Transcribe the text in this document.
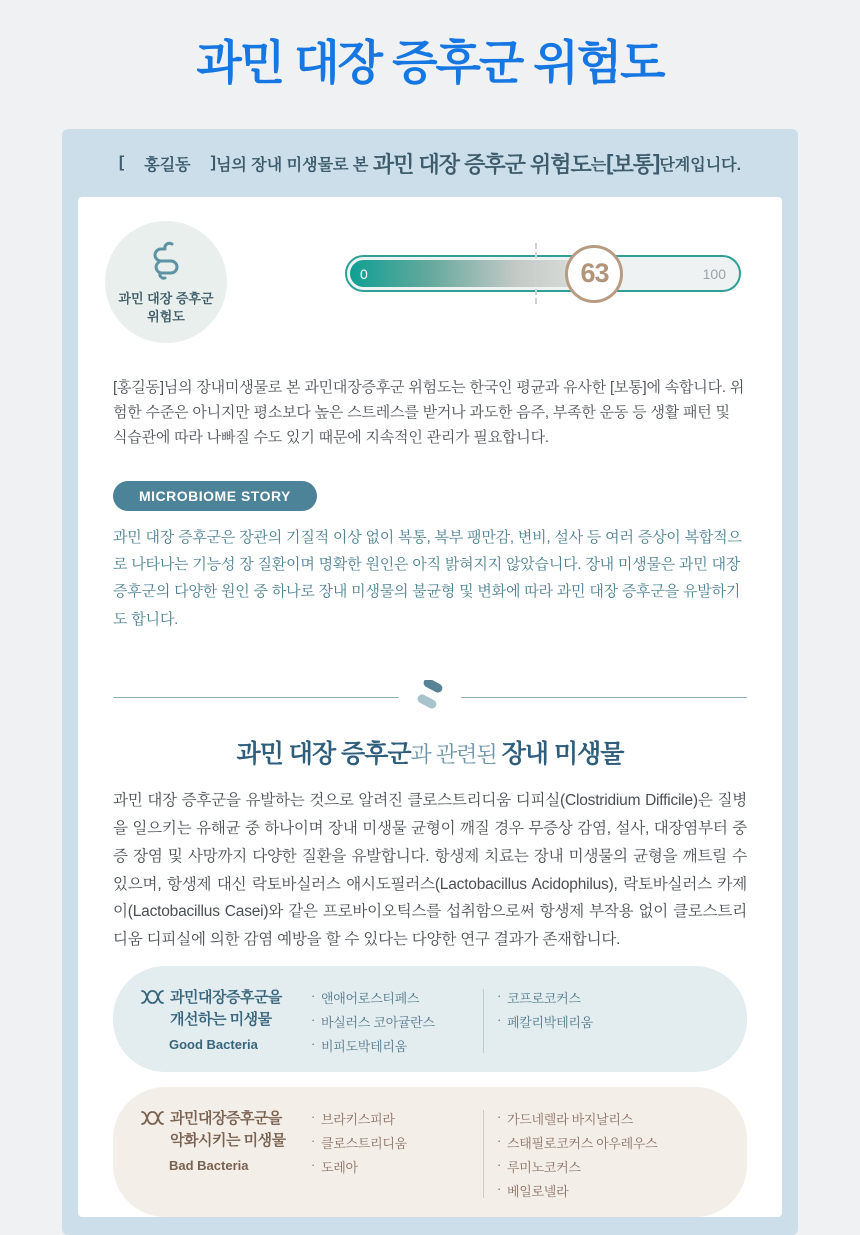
과민 대장 증후군 위험도
[ 홍길동 ] 님의 장내 미생물로 본
과민 대장 증후군 위험도 는 [ 보통 ] 단계입니다.
과민 대장 증후군
위험도
0	100
63

[홍길동]님의 장내미생물로 본 과민대장증후군 위험도는 한국인 평균과 유사한 [보통]에 속합니다. 위험한 수준은 아니지만 평소보다 높은 스트레스를 받거나 과도한 음주, 부족한 운동 등 생활 패턴 및 식습관에 따라 나빠질 수도 있기 때문에 지속적인 관리가 필요합니다.

MICROBIOME STORY

과민 대장 증후군은 장관의 기질적 이상 없이 복통, 복부 팽만감, 변비, 설사 등 여러 증상이 복합적으로 나타나는 기능성 장 질환이며 명확한 원인은 아직 밝혀지지 않았습니다. 장내 미생물은 과민 대장 증후군의 다양한 원인 중 하나로 장내 미생물의 불균형 및 변화에 따라 과민 대장 증후군을 유발하기도 합니다.

과민 대장 증후군과 관련된 장내 미생물

과민 대장 증후군을 유발하는 것으로 알려진 클로스트리디움 디피실(Clostridium Difficile)은 질병을 일으키는 유해균 중 하나이며 장내 미생물 균형이 깨질 경우 무증상 감염, 설사, 대장염부터 중증 장염 및 사망까지 다양한 질환을 유발합니다. 항생제 치료는 장내 미생물의 균형을 깨트릴 수 있으며, 항생제 대신 락토바실러스 애시도필러스(Lactobacillus Acidophilus), 락토바실러스 카제이(Lactobacillus Casei)와 같은 프로바이오틱스를 섭취함으로써 항생제 부작용 없이 클로스트리디움 디피실에 의한 감염 예방을 할 수 있다는 다양한 연구 결과가 존재합니다.

과민대장증후군을
개선하는 미생물
Good Bacteria
· 앤애어로스티페스
· 바실러스 코아귤란스
· 비피도박테리움
· 코프로코커스
· 페칼리박테리움
과민대장증후군을
악화시키는 미생물
Bad Bacteria
· 브라키스피라
· 클로스트리디움
· 도레아
· 가드네렐라 바지날리스
· 스태필로코커스 아우레우스
· 루미노코커스
· 베일로넬라
